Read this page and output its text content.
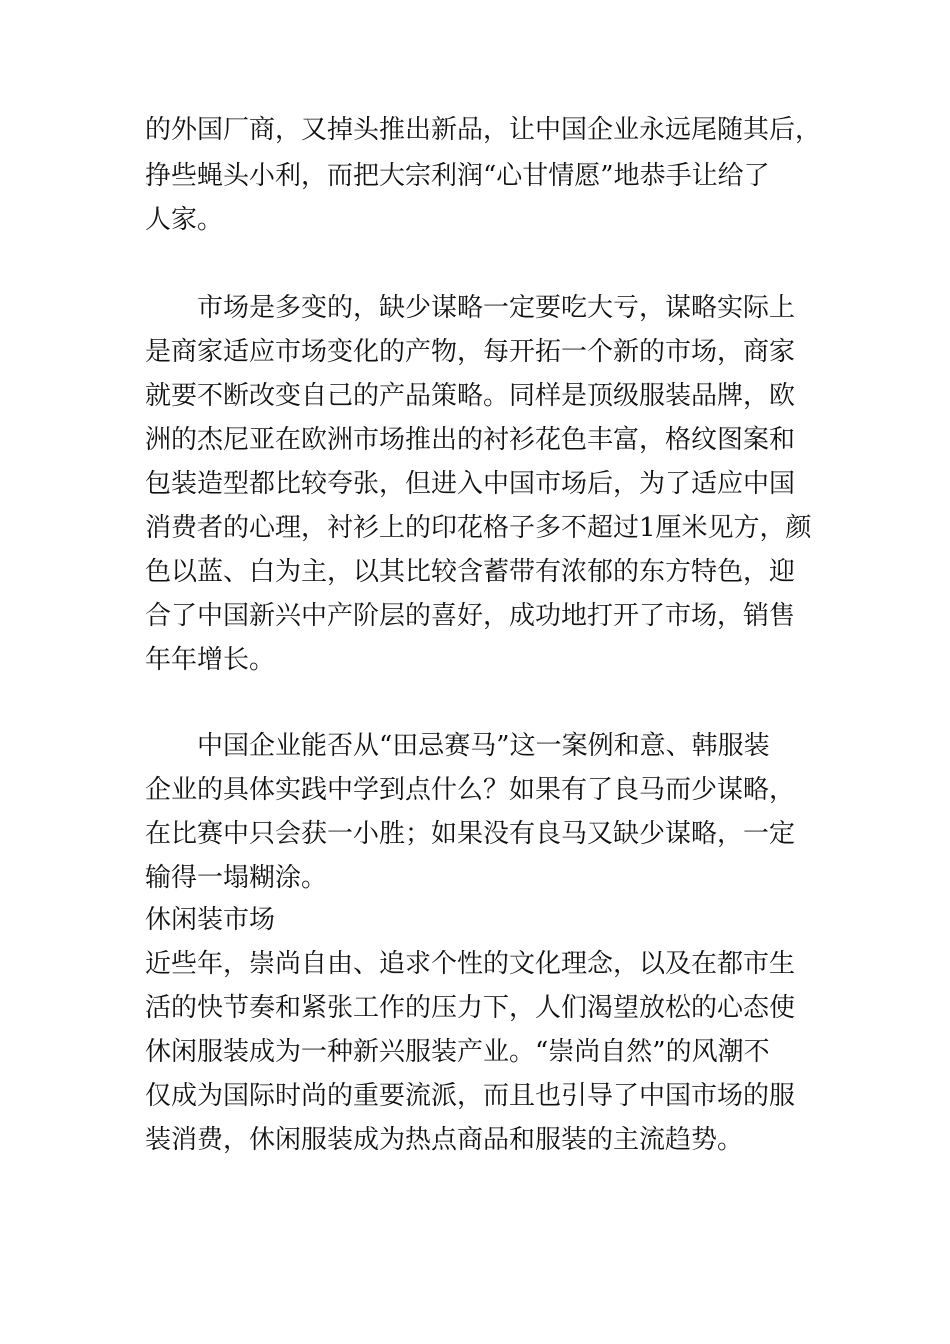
的外国厂商，又掉头推出新品，让中国企业永远尾随其后，

挣些蝇头小利，而把大宗利润“心甘情愿”地恭手让给了

人家。

市场是多变的，缺少谋略一定要吃大亏，谋略实际上

是商家适应市场变化的产物，每开拓一个新的市场，商家

就要不断改变自己的产品策略。同样是顶级服装品牌，欧

洲的杰尼亚在欧洲市场推出的衬衫花色丰富，格纹图案和

包装造型都比较夸张，但进入中国市场后，为了适应中国

消费者的心理，衬衫上的印花格子多不超过1厘米见方，颜

色以蓝、白为主，以其比较含蓄带有浓郁的东方特色，迎

合了中国新兴中产阶层的喜好，成功地打开了市场，销售

年年增长。

中国企业能否从“田忌赛马”这一案例和意、韩服装

企业的具体实践中学到点什么？如果有了良马而少谋略，

在比赛中只会获一小胜；如果没有良马又缺少谋略，一定

输得一塌糊涂。

休闲装市场

近些年，崇尚自由、追求个性的文化理念，以及在都市生

活的快节奏和紧张工作的压力下，人们渴望放松的心态使

休闲服装成为一种新兴服装产业。“崇尚自然”的风潮不

仅成为国际时尚的重要流派，而且也引导了中国市场的服

装消费，休闲服装成为热点商品和服装的主流趋势。
